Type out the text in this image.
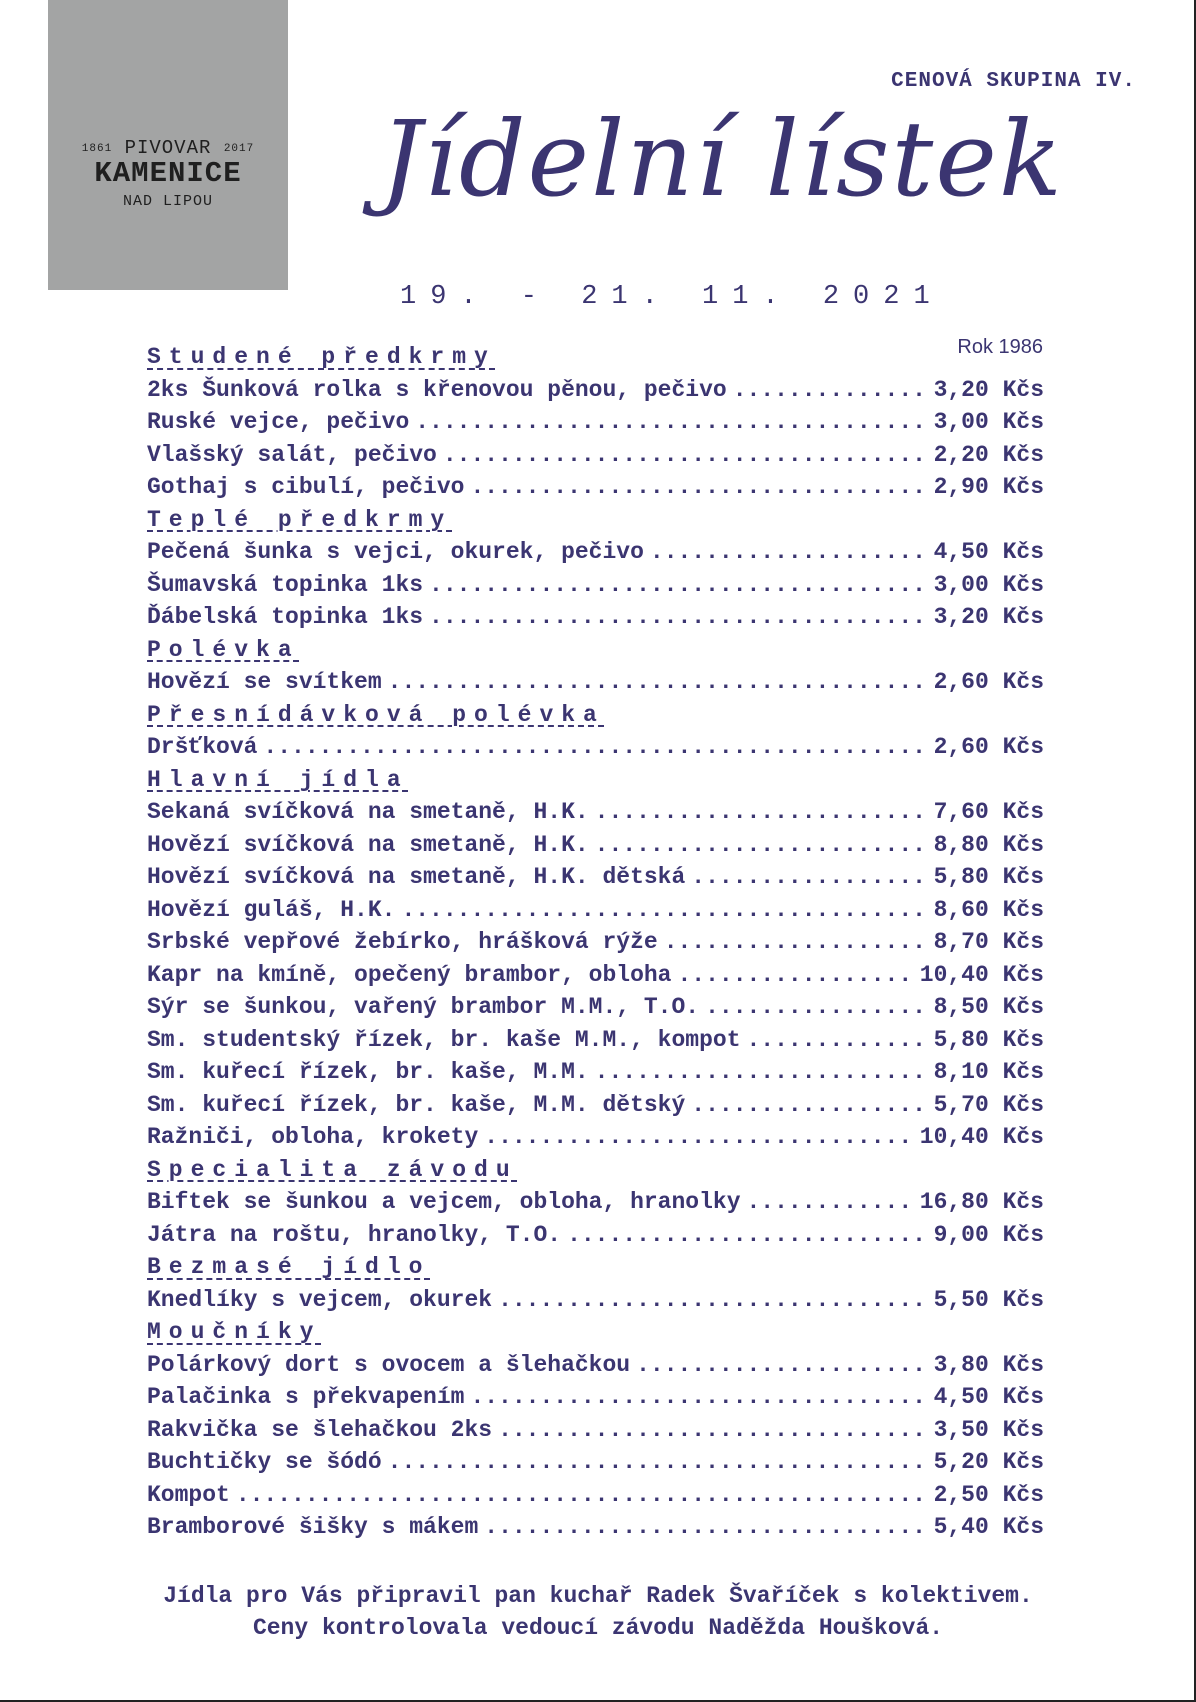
1861 PIVOVAR 2017
KAMENICE
NAD LIPOU
CENOVÁ SKUPINA IV.
Jídelní lístek
19. - 21. 11. 2021
Rok 1986
Studené předkrmy
2ks Šunková rolka s křenovou pěnou, pečivo .....	3,20 Kčs
Ruské vejce, pečivo .....	3,00 Kčs
Vlašský salát, pečivo .....	2,20 Kčs
Gothaj s cibulí, pečivo .....	2,90 Kčs
Teplé předkrmy
Pečená šunka s vejci, okurek, pečivo .....	4,50 Kčs
Šumavská topinka 1ks .....	3,00 Kčs
Ďábelská topinka 1ks .....	3,20 Kčs
Polévka
Hovězí se svítkem .....	2,60 Kčs
Přesnídávková polévka
Dršťková .....	2,60 Kčs
Hlavní jídla
Sekaná svíčková na smetaně, H.K. .....	7,60 Kčs
Hovězí svíčková na smetaně, H.K. .....	8,80 Kčs
Hovězí svíčková na smetaně, H.K. dětská .....	5,80 Kčs
Hovězí guláš, H.K. .....	8,60 Kčs
Srbské vepřové žebírko, hrášková rýže .....	8,70 Kčs
Kapr na kmíně, opečený brambor, obloha .....	10,40 Kčs
Sýr se šunkou, vařený brambor M.M., T.O. .....	8,50 Kčs
Sm. studentský řízek, br. kaše M.M., kompot .....	5,80 Kčs
Sm. kuřecí řízek, br. kaše, M.M. .....	8,10 Kčs
Sm. kuřecí řízek, br. kaše, M.M. dětský .....	5,70 Kčs
Ražniči, obloha, krokety .....	10,40 Kčs
Specialita závodu
Biftek se šunkou a vejcem, obloha, hranolky .....	16,80 Kčs
Játra na roštu, hranolky, T.O. .....	9,00 Kčs
Bezmasé jídlo
Knedlíky s vejcem, okurek .....	5,50 Kčs
Moučníky
Polárkový dort s ovocem a šlehačkou .....	3,80 Kčs
Palačinka s překvapením .....	4,50 Kčs
Rakvička se šlehačkou 2ks .....	3,50 Kčs
Buchtičky se šódó .....	5,20 Kčs
Kompot .....	2,50 Kčs
Bramborové šišky s mákem .....	5,40 Kčs
Jídla pro Vás připravil pan kuchař Radek Švaříček s kolektivem.
Ceny kontrolovala vedoucí závodu Naděžda Houšková.
